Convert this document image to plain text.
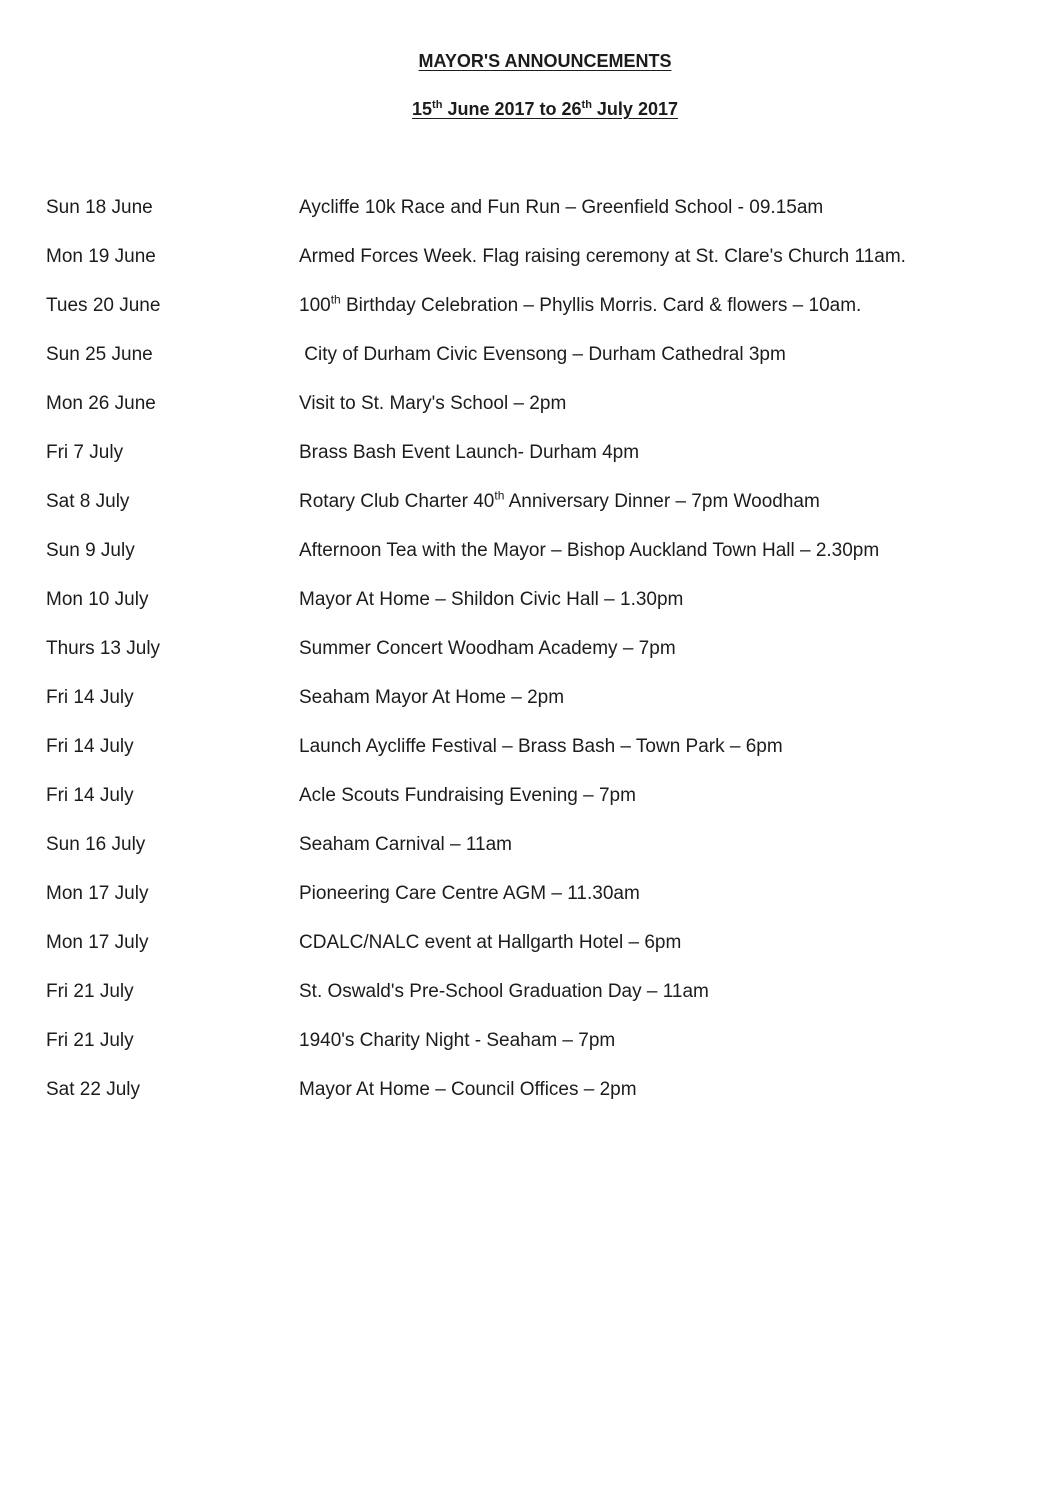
MAYOR'S ANNOUNCEMENTS
15th June 2017 to 26th July 2017
Sun 18 June	Aycliffe 10k Race and Fun Run – Greenfield School - 09.15am
Mon 19 June	Armed Forces Week. Flag raising ceremony at St. Clare's Church 11am.
Tues 20 June	100th Birthday Celebration – Phyllis Morris. Card & flowers – 10am.
Sun 25 June	City of Durham Civic Evensong – Durham Cathedral 3pm
Mon 26 June	Visit to St. Mary's School – 2pm
Fri 7 July	Brass Bash Event Launch- Durham 4pm
Sat 8 July	Rotary Club Charter 40th Anniversary Dinner – 7pm Woodham
Sun 9 July	Afternoon Tea with the Mayor – Bishop Auckland Town Hall – 2.30pm
Mon 10 July	Mayor At Home – Shildon Civic Hall – 1.30pm
Thurs 13 July	Summer Concert Woodham Academy – 7pm
Fri 14 July	Seaham Mayor At Home – 2pm
Fri 14 July	Launch Aycliffe Festival – Brass Bash – Town Park – 6pm
Fri 14 July	Acle Scouts Fundraising Evening – 7pm
Sun 16 July	Seaham Carnival – 11am
Mon 17 July	Pioneering Care Centre AGM – 11.30am
Mon 17 July	CDALC/NALC event at Hallgarth Hotel – 6pm
Fri 21 July	St. Oswald's Pre-School Graduation Day – 11am
Fri 21 July	1940's Charity Night - Seaham – 7pm
Sat 22 July	Mayor At Home – Council Offices – 2pm
